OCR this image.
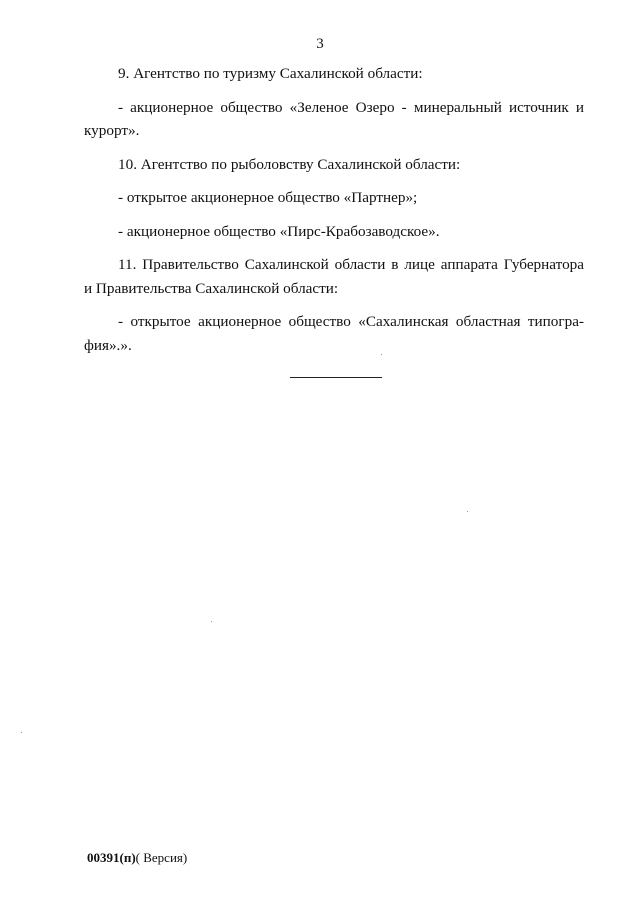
3

9. Агентство по туризму Сахалинской области:

- акционерное общество «Зеленое Озеро - минеральный источник и

курорт».

10. Агентство по рыболовству Сахалинской области:

- открытое акционерное общество «Партнер»;

- акционерное общество «Пирс-Крабозаводское».

11. Правительство Сахалинской области в лице аппарата Губернатора

и Правительства Сахалинской области:

- открытое акционерное общество «Сахалинская областная типогра-

фия».».

00391(п)( Версия)
